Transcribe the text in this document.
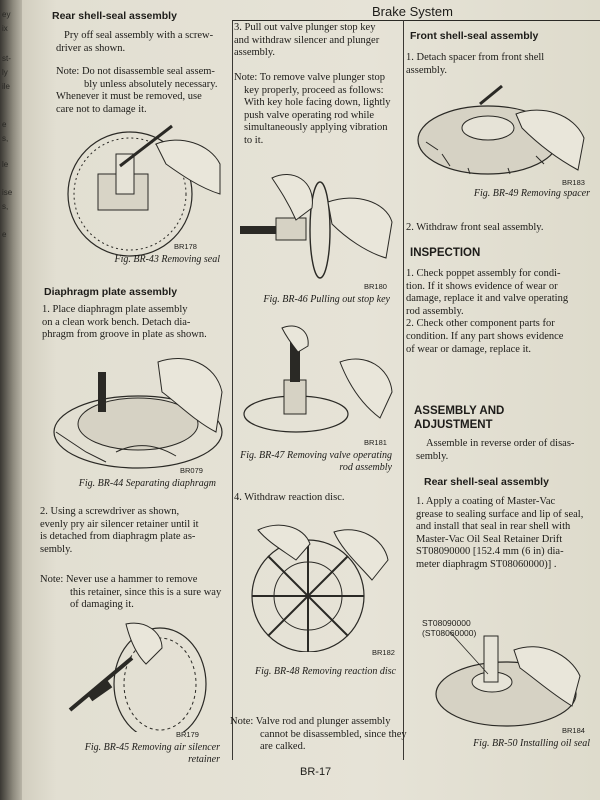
ey
ix
st-
ly
ile
e
s,
le
ise
s,
e
Brake System
Rear shell-seal assembly
Pry off seal assembly with a screw-
driver as shown.
Note: Do not disassemble seal assem-
bly unless absolutely necessary.
Whenever it must be removed, use
care not to damage it.
BR178
Fig. BR-43 Removing seal
Diaphragm plate assembly
1. Place diaphragm plate assembly
on a clean work bench. Detach dia-
phragm from groove in plate as shown.
BR079
Fig. BR-44 Separating diaphragm
2. Using a screwdriver as shown,
evenly pry air silencer retainer until it
is detached from diaphragm plate as-
sembly.
Note: Never use a hammer to remove
this retainer, since this is a sure way
of damaging it.
BR179
Fig. BR-45 Removing air silencer
retainer
3. Pull out valve plunger stop key
and withdraw silencer and plunger
assembly.
Note: To remove valve plunger stop
key properly, proceed as follows:
With key hole facing down, lightly
push valve operating rod while
simultaneously applying vibration
to it.
BR180
Fig. BR-46 Pulling out stop key
BR181
Fig. BR-47 Removing valve operating
rod assembly
4. Withdraw reaction disc.
BR182
Fig. BR-48 Removing reaction disc
Note: Valve rod and plunger assembly
cannot be disassembled, since they
are calked.
Front shell-seal assembly
1. Detach spacer from front shell
assembly.
BR183
Fig. BR-49 Removing spacer
2. Withdraw front seal assembly.
INSPECTION
1. Check poppet assembly for condi-
tion. If it shows evidence of wear or
damage, replace it and valve operating
rod assembly.
2. Check other component parts for
condition. If any part shows evidence
of wear or damage, replace it.
ASSEMBLY AND
ADJUSTMENT
Assemble in reverse order of disas-
sembly.
Rear shell-seal assembly
1. Apply a coating of Master-Vac
grease to sealing surface and lip of seal,
and install that seal in rear shell with
Master-Vac Oil Seal Retainer Drift
ST08090000 [152.4 mm (6 in) dia-
meter diaphragm ST08060000)] .
ST08090000
(ST08060000)
BR184
Fig. BR-50 Installing oil seal
BR-17
